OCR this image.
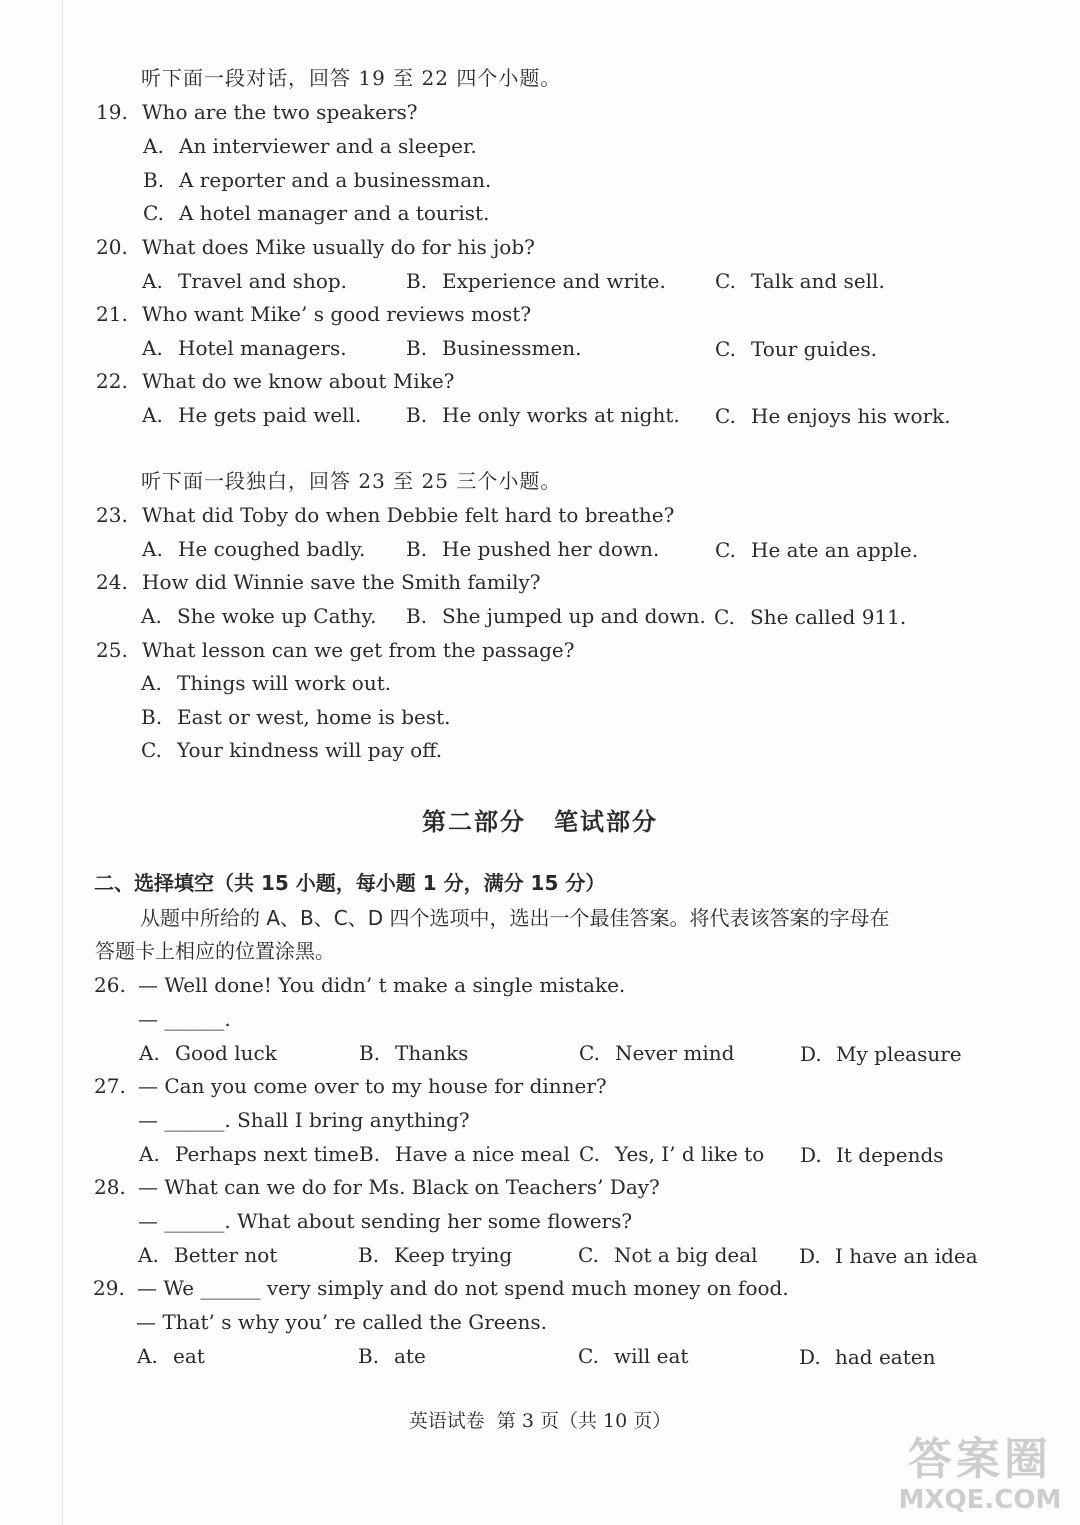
听下面一段对话，回答 19 至 22 四个小题。
19. Who are the two speakers?
A. An interviewer and a sleeper.
B. A reporter and a businessman.
C. A hotel manager and a tourist.
20. What does Mike usually do for his job?
A. Travel and shop.	B. Experience and write. C. Talk and sell.
21. Who want Mike’ s good reviews most?
A. Hotel managers.	B. Businessmen.	C. Tour guides.
22. What do we know about Mike?
A. He gets paid well. B. He only works at night. C. He enjoys his work.
听下面一段独白，回答 23 至 25 三个小题。
23. What did Toby do when Debbie felt hard to breathe?
A. He coughed badly. B. He pushed her down.	C. He ate an apple.
24. How did Winnie save the Smith family?
A. She woke up Cathy. B. She jumped up and down. C. She called 911.
25. What lesson can we get from the passage?
A. Things will work out.
B. East or west, home is best.
C. Your kindness will pay off.
第二部分 笔试部分
二、选择填空（共 15 小题，每小题 1 分，满分 15 分）
从题中所给的 A、B、C、D 四个选项中，选出一个最佳答案。将代表该答案的字母在
答题卡上相应的位置涂黑。
26. — Well done! You didn’ t make a single mistake.
— ______.
A. Good luck	B. Thanks	C. Never mind	D. My pleasure
27. — Can you come over to my house for dinner?
— ______. Shall I bring anything?
A. Perhaps next time B. Have a nice meal C. Yes, I’ d like to D. It depends
28. — What can we do for Ms. Black on Teachers’ Day?
— ______. What about sending her some flowers?
A. Better not	B. Keep trying	C. Not a big deal D. I have an idea
29. — We ______ very simply and do not spend much money on food.
— That’ s why you’ re called the Greens.
A. eat	B. ate	C. will eat	D. had eaten
英语试卷 第 3 页（共 10 页）
答案圈
MXQE.COM
